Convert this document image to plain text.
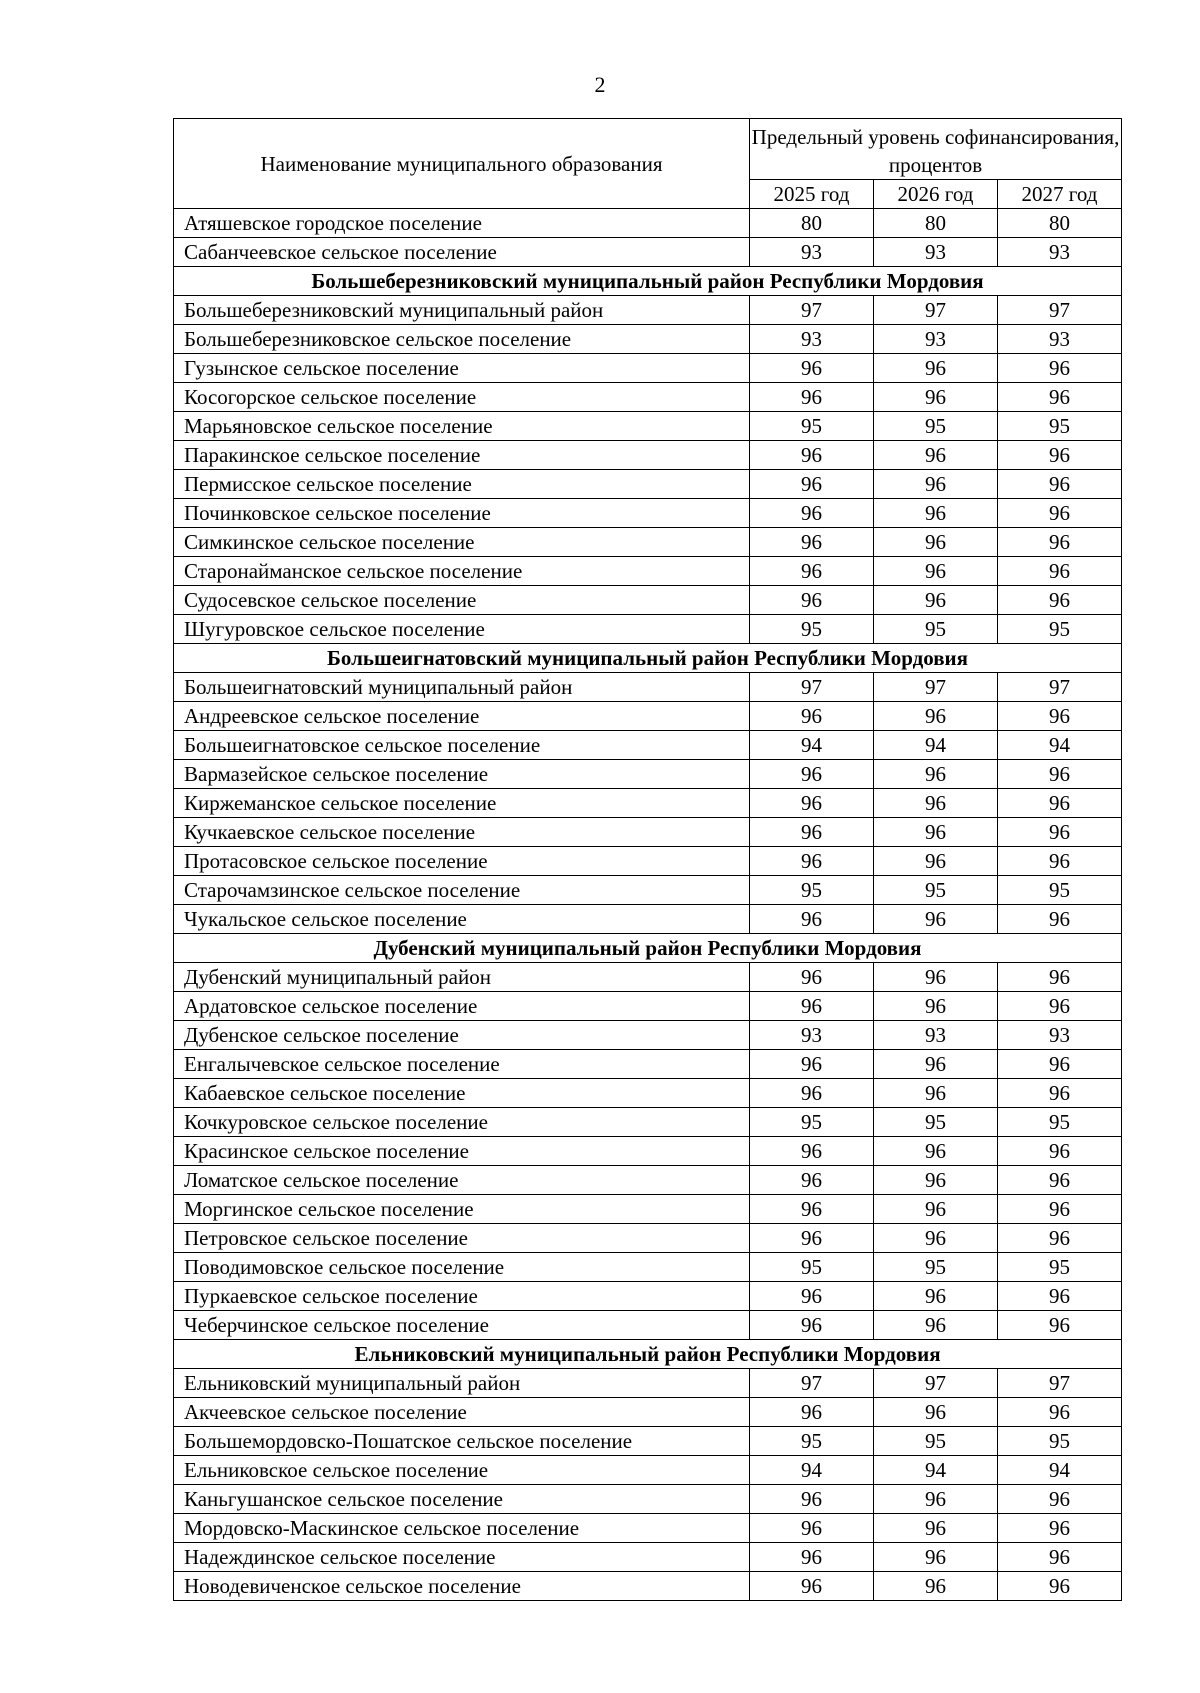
2
Наименование муниципального образования	Предельный уровень софинансирования, процентов		
	2025 год	2026 год	2027 год
Атяшевское городское поселение	80	80	80
Сабанчеевское сельское поселение	93	93	93
Большеберезниковский муниципальный район Республики Мордовия			
Большеберезниковский муниципальный район	97	97	97
Большеберезниковское сельское поселение	93	93	93
Гузынское сельское поселение	96	96	96
Косогорское сельское поселение	96	96	96
Марьяновское сельское поселение	95	95	95
Паракинское сельское поселение	96	96	96
Пермисское сельское поселение	96	96	96
Починковское сельское поселение	96	96	96
Симкинское сельское поселение	96	96	96
Старонайманское сельское поселение	96	96	96
Судосевское сельское поселение	96	96	96
Шугуровское сельское поселение	95	95	95
Большеигнатовский муниципальный район Республики Мордовия			
Большеигнатовский муниципальный район	97	97	97
Андреевское сельское поселение	96	96	96
Большеигнатовское сельское поселение	94	94	94
Вармазейское сельское поселение	96	96	96
Киржеманское сельское поселение	96	96	96
Кучкаевское сельское поселение	96	96	96
Протасовское сельское поселение	96	96	96
Старочамзинское сельское поселение	95	95	95
Чукальское сельское поселение	96	96	96
Дубенский муниципальный район Республики Мордовия			
Дубенский муниципальный район	96	96	96
Ардатовское сельское поселение	96	96	96
Дубенское сельское поселение	93	93	93
Енгалычевское сельское поселение	96	96	96
Кабаевское сельское поселение	96	96	96
Кочкуровское сельское поселение	95	95	95
Красинское сельское поселение	96	96	96
Ломатское сельское поселение	96	96	96
Моргинское сельское поселение	96	96	96
Петровское сельское поселение	96	96	96
Поводимовское сельское поселение	95	95	95
Пуркаевское сельское поселение	96	96	96
Чеберчинское сельское поселение	96	96	96
Ельниковский муниципальный район Республики Мордовия			
Ельниковский муниципальный район	97	97	97
Акчеевское сельское поселение	96	96	96
Большемордовско-Пошатское сельское поселение	95	95	95
Ельниковское сельское поселение	94	94	94
Каньгушанское сельское поселение	96	96	96
Мордовско-Маскинское сельское поселение	96	96	96
Надеждинское сельское поселение	96	96	96
Новодевиченское сельское поселение	96	96	96
